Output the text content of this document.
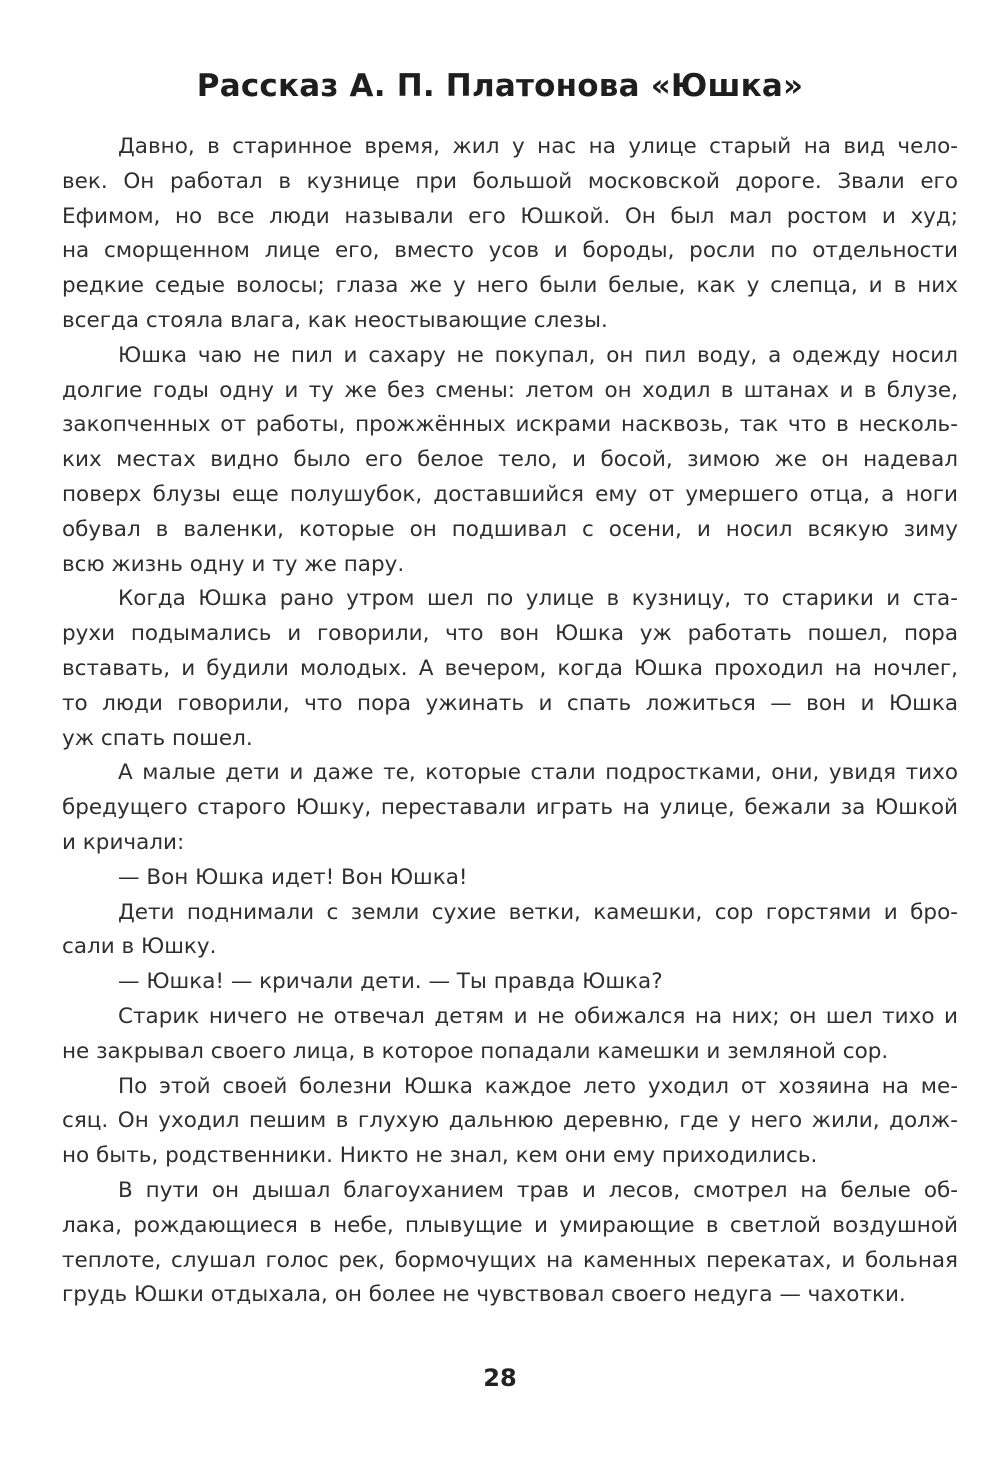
Рассказ А. П. Платонова «Юшка»
Давно, в старинное время, жил у нас на улице старый на вид чело-
век. Он работал в кузнице при большой московской дороге. Звали его
Ефимом, но все люди называли его Юшкой. Он был мал ростом и худ;
на сморщенном лице его, вместо усов и бороды, росли по отдельности
редкие седые волосы; глаза же у него были белые, как у слепца, и в них
всегда стояла влага, как неостывающие слезы.
Юшка чаю не пил и сахару не покупал, он пил воду, а одежду носил
долгие годы одну и ту же без смены: летом он ходил в штанах и в блузе,
закопченных от работы, прожжённых искрами насквозь, так что в несколь-
ких местах видно было его белое тело, и босой, зимою же он надевал
поверх блузы еще полушубок, доставшийся ему от умершего отца, а ноги
обувал в валенки, которые он подшивал с осени, и носил всякую зиму
всю жизнь одну и ту же пару.
Когда Юшка рано утром шел по улице в кузницу, то старики и ста-
рухи подымались и говорили, что вон Юшка уж работать пошел, пора
вставать, и будили молодых. А вечером, когда Юшка проходил на ночлег,
то люди говорили, что пора ужинать и спать ложиться — вон и Юшка
уж спать пошел.
А малые дети и даже те, которые стали подростками, они, увидя тихо
бредущего старого Юшку, переставали играть на улице, бежали за Юшкой
и кричали:
— Вон Юшка идет! Вон Юшка!
Дети поднимали с земли сухие ветки, камешки, сор горстями и бро-
сали в Юшку.
— Юшка! — кричали дети. — Ты правда Юшка?
Старик ничего не отвечал детям и не обижался на них; он шел тихо и
не закрывал своего лица, в которое попадали камешки и земляной сор.
По этой своей болезни Юшка каждое лето уходил от хозяина на ме-
сяц. Он уходил пешим в глухую дальнюю деревню, где у него жили, долж-
но быть, родственники. Никто не знал, кем они ему приходились.
В пути он дышал благоуханием трав и лесов, смотрел на белые об-
лака, рождающиеся в небе, плывущие и умирающие в светлой воздушной
теплоте, слушал голос рек, бормочущих на каменных перекатах, и больная
грудь Юшки отдыхала, он более не чувствовал своего недуга — чахотки.
28
